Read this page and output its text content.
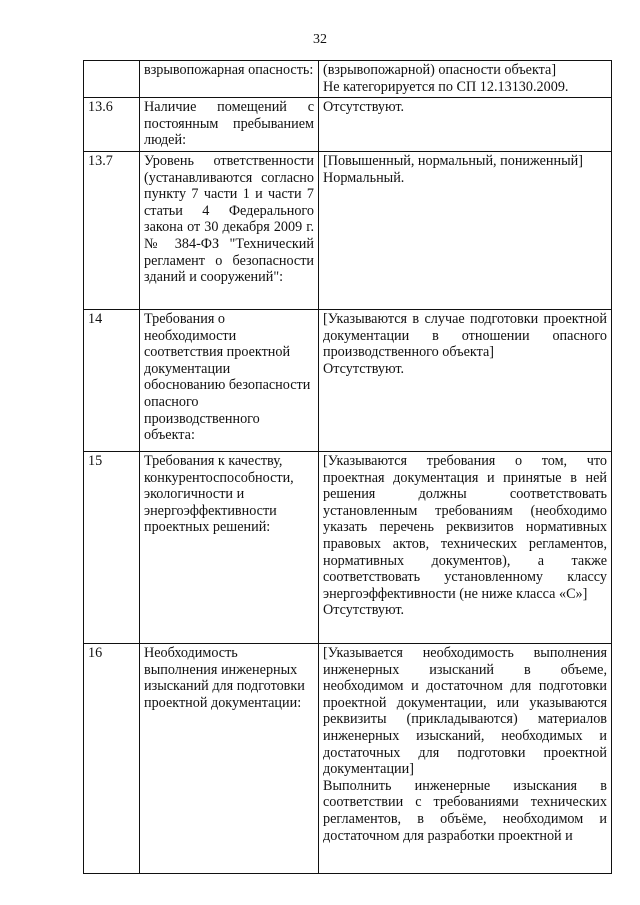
32
	взрывопожарная опасность:	(взрывопожарной) опасности объекта]
Не категорируется по СП 12.13130.2009.

13.6	Наличие помещений с постоянным пребыванием людей:	Отсутствуют.

13.7	Уровень ответственности (устанавливаются согласно пункту 7 части 1 и части 7 статьи 4 Федерального закона от 30 декабря 2009 г. № 384-ФЗ "Технический регламент о безопасности зданий и сооружений":	[Повышенный, нормальный, пониженный]
Нормальный.

14	Требования о необходимости соответствия проектной документации обоснованию безопасности опасного производственного объекта:	[Указываются в случае подготовки проектной документации в отношении опасного производственного объекта]
Отсутствуют.

15	Требования к качеству, конкурентоспособности, экологичности и энергоэффективности проектных решений:	[Указываются требования о том, что проектная документация и принятые в ней решения должны соответствовать установленным требованиям (необходимо указать перечень реквизитов нормативных правовых актов, технических регламентов, нормативных документов), а также соответствовать установленному классу энергоэффективности (не ниже класса «С»]
Отсутствуют.

16	Необходимость выполнения инженерных изысканий для подготовки проектной документации:	[Указывается необходимость выполнения инженерных изысканий в объеме, необходимом и достаточном для подготовки проектной документации, или указываются реквизиты (прикладываются) материалов инженерных изысканий, необходимых и достаточных для подготовки проектной документации]
Выполнить инженерные изыскания в соответствии с требованиями технических регламентов, в объёме, необходимом и достаточном для разработки проектной и
